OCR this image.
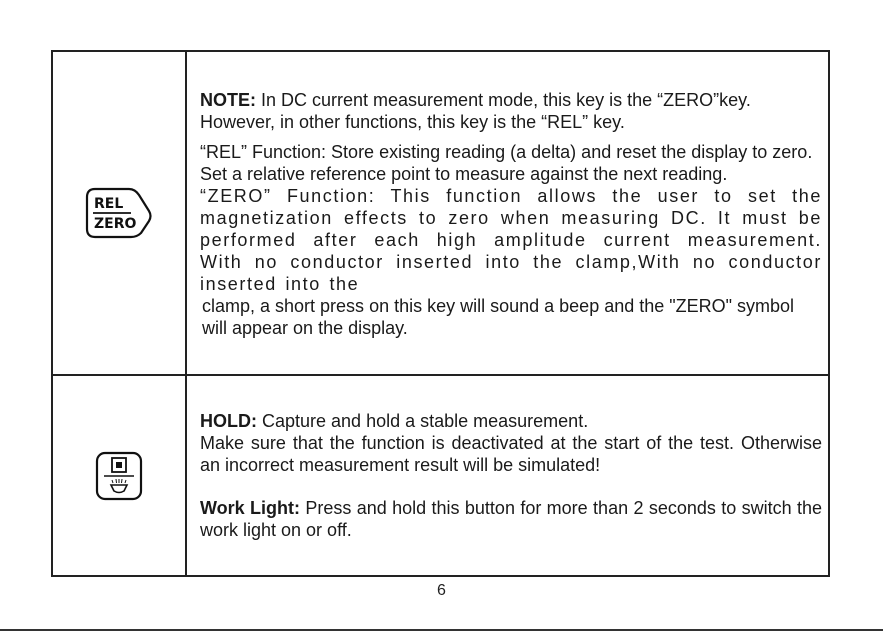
REL
ZERO

NOTE: In DC current measurement mode, this key is the “ZERO”key. However, in other functions, this key is the “REL” key.

“REL” Function: Store existing reading (a delta) and reset the display to zero. Set a relative reference point to measure against the next reading.

“ZERO” Function: This function allows the user to set the magnetization effects to zero when measuring DC. It must be performed after each high amplitude current measurement. With no conductor inserted into the clamp,With no conductor inserted into the

clamp, a short press on this key will sound a beep and the "ZERO" symbol will appear on the display.

HOLD: Capture and hold a stable measurement.

Make sure that the function is deactivated at the start of the test. Otherwise an incorrect measurement result will be simulated!

Work Light: Press and hold this button for more than 2 seconds to switch the work light on or off.

6
